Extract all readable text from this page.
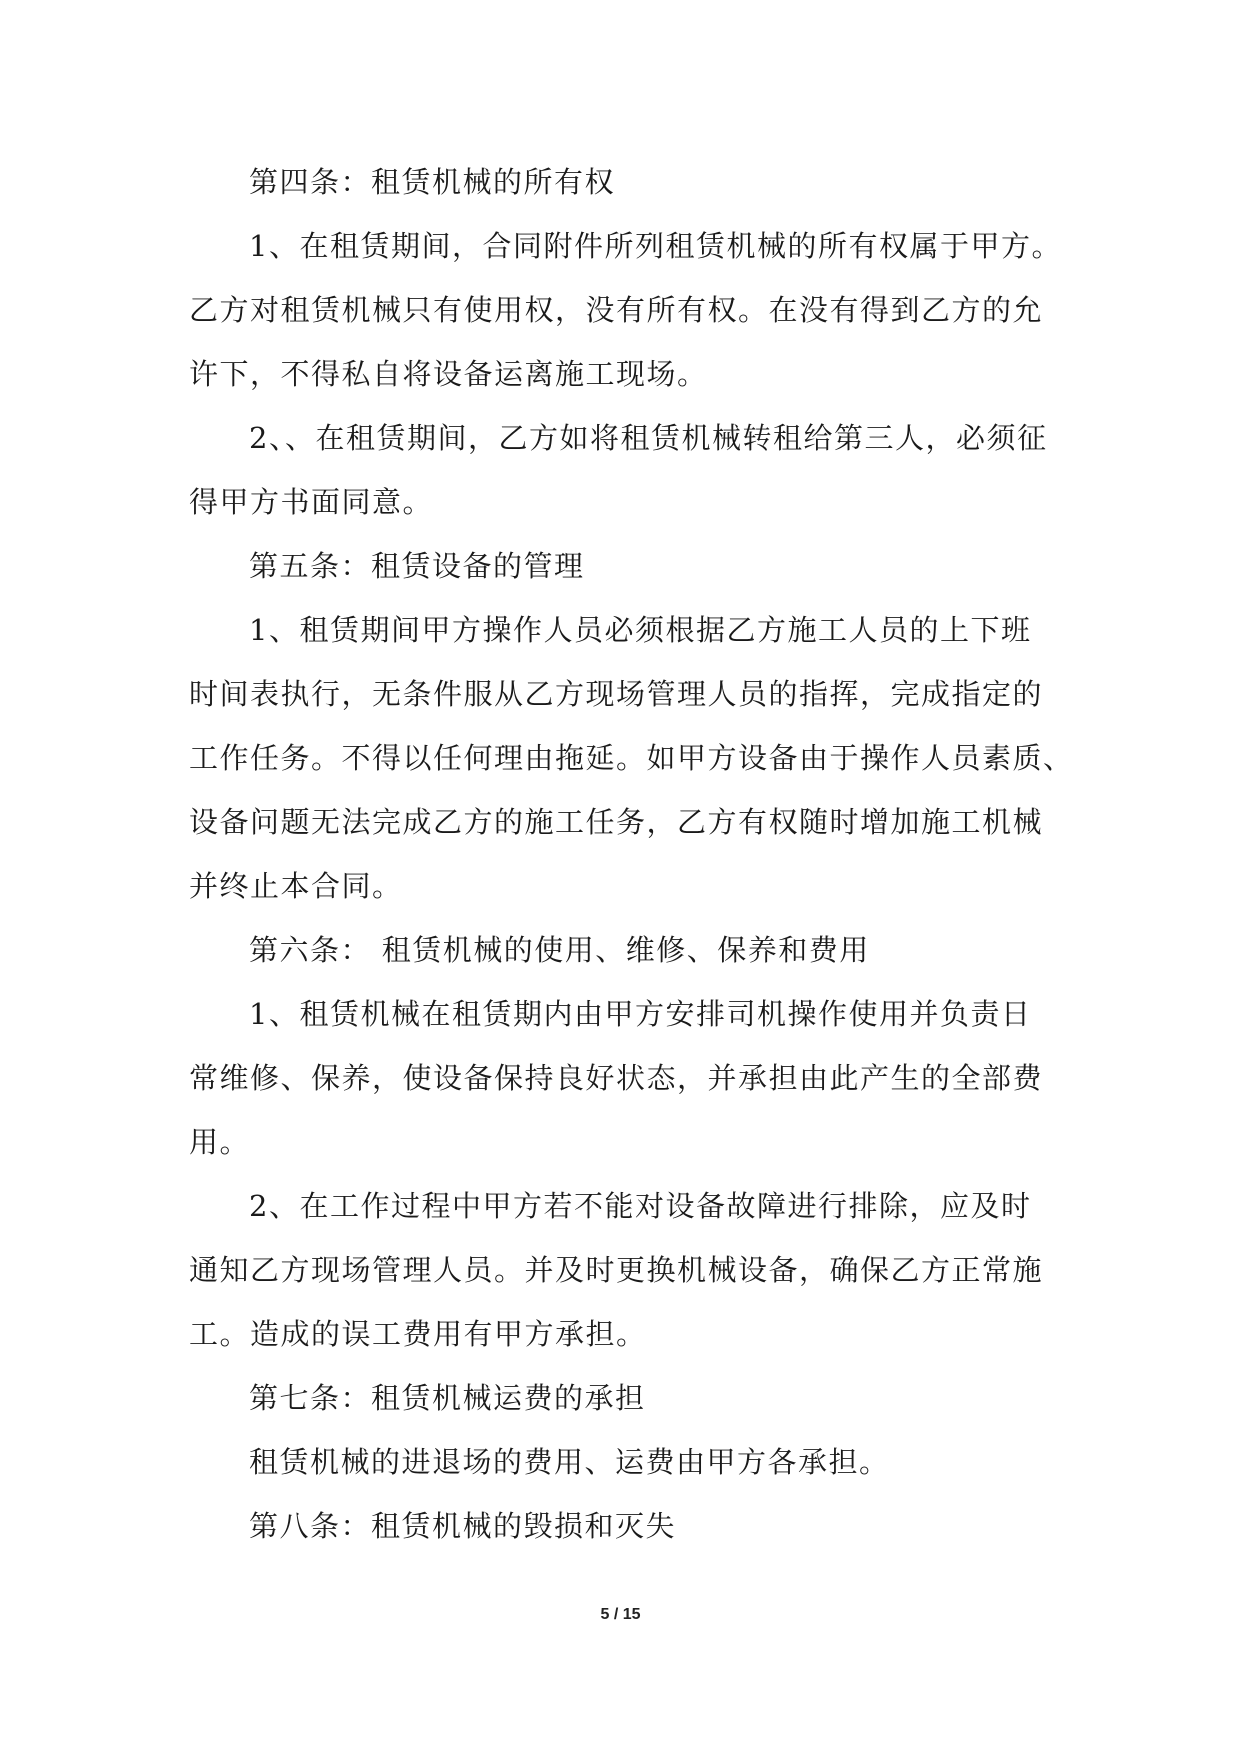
第四条：租赁机械的所有权

1、在租赁期间，合同附件所列租赁机械的所有权属于甲方。

乙方对租赁机械只有使用权，没有所有权。在没有得到乙方的允

许下，不得私自将设备运离施工现场。

2、、在租赁期间，乙方如将租赁机械转租给第三人，必须征

得甲方书面同意。

第五条：租赁设备的管理

1、租赁期间甲方操作人员必须根据乙方施工人员的上下班

时间表执行，无条件服从乙方现场管理人员的指挥，完成指定的

工作任务。不得以任何理由拖延。如甲方设备由于操作人员素质、

设备问题无法完成乙方的施工任务，乙方有权随时增加施工机械

并终止本合同。

第六条： 租赁机械的使用、维修、保养和费用

1、租赁机械在租赁期内由甲方安排司机操作使用并负责日

常维修、保养，使设备保持良好状态，并承担由此产生的全部费

用。

2、在工作过程中甲方若不能对设备故障进行排除，应及时

通知乙方现场管理人员。并及时更换机械设备，确保乙方正常施

工。造成的误工费用有甲方承担。

第七条：租赁机械运费的承担

租赁机械的进退场的费用、运费由甲方各承担。

第八条：租赁机械的毁损和灭失

5 / 15
